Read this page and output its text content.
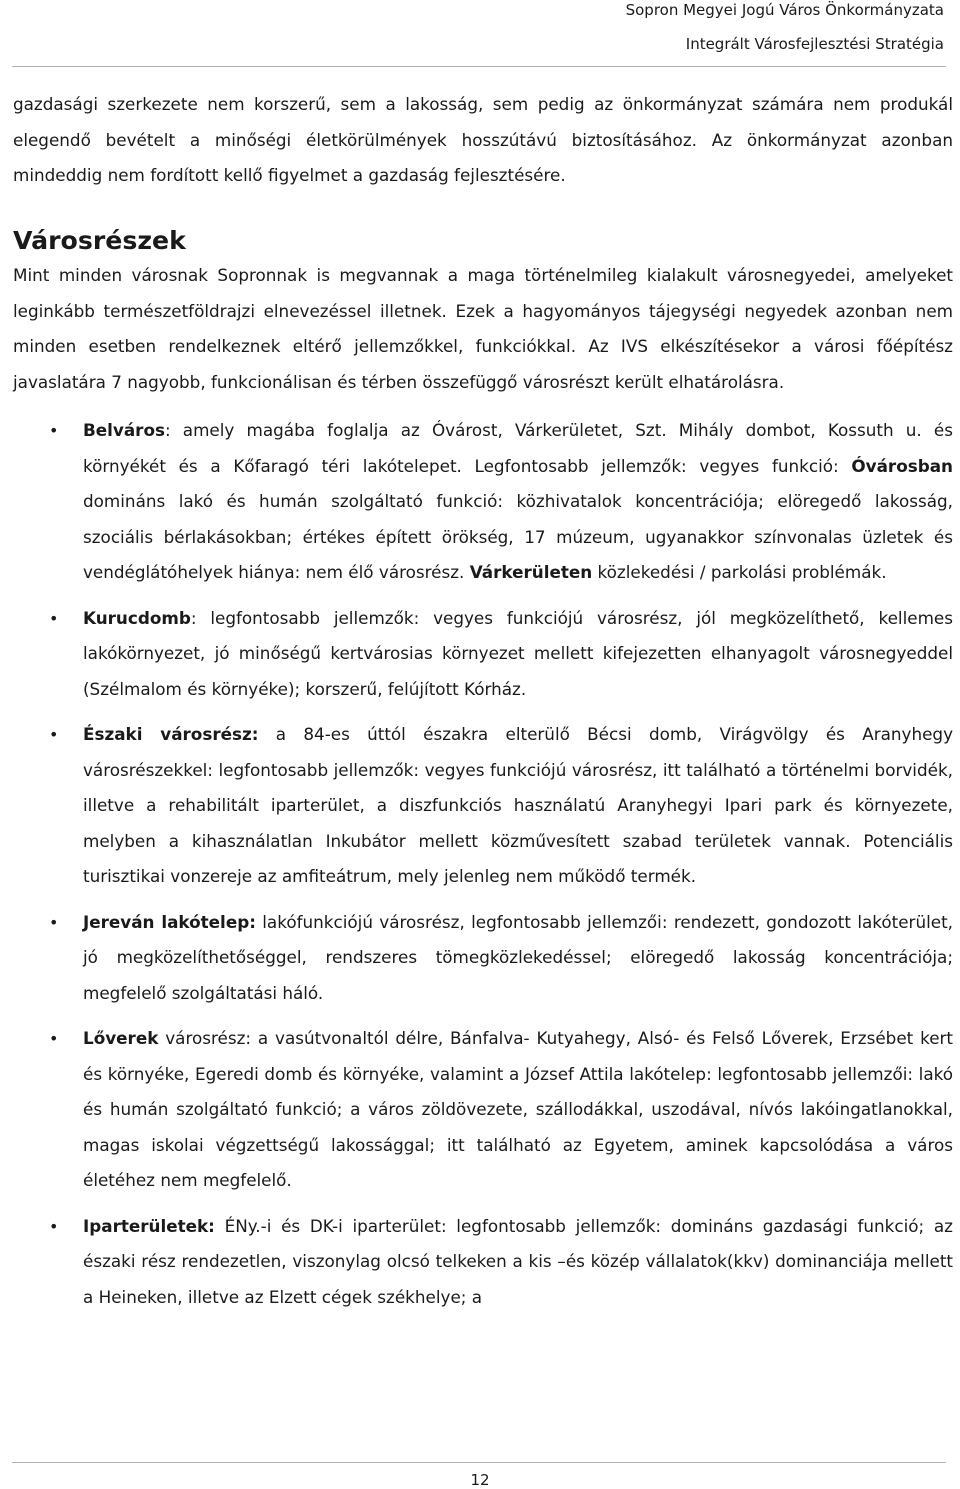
Sopron Megyei Jogú Város Önkormányzata
Integrált Városfejlesztési Stratégia

gazdasági szerkezete nem korszerű, sem a lakosság, sem pedig az önkormányzat számára nem produkál elegendő bevételt a minőségi életkörülmények hosszútávú biztosításához. Az önkormányzat azonban mindeddig nem fordított kellő figyelmet a gazdaság fejlesztésére.

Városrészek

Mint minden városnak Sopronnak is megvannak a maga történelmileg kialakult városnegyedei, amelyeket leginkább természetföldrajzi elnevezéssel illetnek. Ezek a hagyományos tájegységi negyedek azonban nem minden esetben rendelkeznek eltérő jellemzőkkel, funkciókkal. Az IVS elkészítésekor a városi főépítész javaslatára 7 nagyobb, funkcionálisan és térben összefüggő városrészt került elhatárolásra.

• Belváros: amely magába foglalja az Óvárost, Várkerületet, Szt. Mihály dombot, Kossuth u. és környékét és a Kőfaragó téri lakótelepet. Legfontosabb jellemzők: vegyes funkció: Óvárosban domináns lakó és humán szolgáltató funkció: közhivatalok koncentrációja; elöregedő lakosság, szociális bérlakásokban; értékes épített örökség, 17 múzeum, ugyanakkor színvonalas üzletek és vendéglátóhelyek hiánya: nem élő városrész. Várkerületen közlekedési / parkolási problémák.
• Kurucdomb: legfontosabb jellemzők: vegyes funkciójú városrész, jól megközelíthető, kellemes lakókörnyezet, jó minőségű kertvárosias környezet mellett kifejezetten elhanyagolt városnegyeddel (Szélmalom és környéke); korszerű, felújított Kórház.
• Északi városrész: a 84-es úttól északra elterülő Bécsi domb, Virágvölgy és Aranyhegy városrészekkel: legfontosabb jellemzők: vegyes funkciójú városrész, itt található a történelmi borvidék, illetve a rehabilitált iparterület, a diszfunkciós használatú Aranyhegyi Ipari park és környezete, melyben a kihasználatlan Inkubátor mellett közművesített szabad területek vannak. Potenciális turisztikai vonzereje az amfiteátrum, mely jelenleg nem működő termék.
• Jereván lakótelep: lakófunkciójú városrész, legfontosabb jellemzői: rendezett, gondozott lakóterület, jó megközelíthetőséggel, rendszeres tömegközlekedéssel; elöregedő lakosság koncentrációja; megfelelő szolgáltatási háló.
• Lőverek városrész: a vasútvonaltól délre, Bánfalva- Kutyahegy, Alsó- és Felső Lőverek, Erzsébet kert és környéke, Egeredi domb és környéke, valamint a József Attila lakótelep: legfontosabb jellemzői: lakó és humán szolgáltató funkció; a város zöldövezete, szállodákkal, uszodával, nívós lakóingatlanokkal, magas iskolai végzettségű lakossággal; itt található az Egyetem, aminek kapcsolódása a város életéhez nem megfelelő.
• Iparterületek: ÉNy.-i és DK-i iparterület: legfontosabb jellemzők: domináns gazdasági funkció; az északi rész rendezetlen, viszonylag olcsó telkeken a kis –és közép vállalatok(kkv) dominanciája mellett a Heineken, illetve az Elzett cégek székhelye; a
12
